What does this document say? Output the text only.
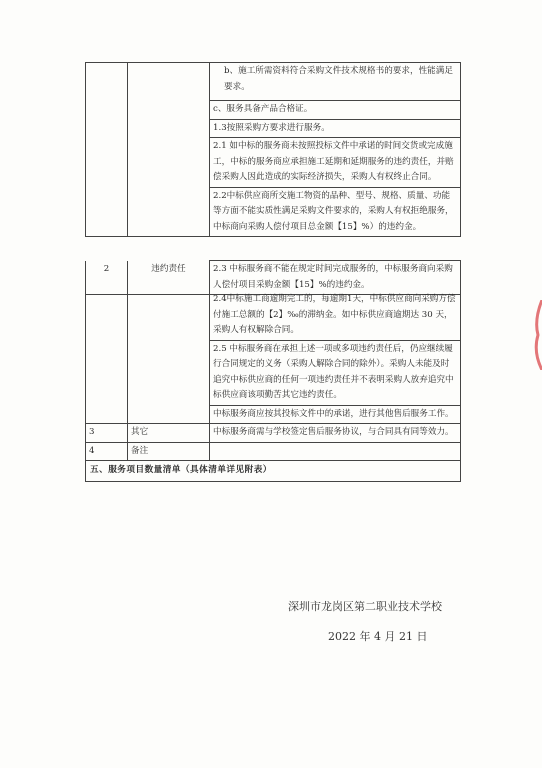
b、施工所需资料符合采购文件技术规格书的要求，性能满足要求。

c、服务具备产品合格证。

1.3按照采购方要求进行服务。

2.1 如中标的服务商未按照投标文件中承诺的时间交货或完成施工，中标的服务商应承担施工延期和延期服务的违约责任，并赔偿采购人因此造成的实际经济损失，采购人有权终止合同。

2.2中标供应商所交施工物资的品种、型号、规格、质量、功能等方面不能实质性满足采购文件要求的，采购人有权拒绝服务，中标商向采购人偿付项目总金额【15】%）的违约金。

2	违约责任	2.3 中标服务商不能在规定时间完成服务的，中标服务商向采购人偿付项目采购金额【15】%的违约金。

		2.4中标施工商逾期完工的，每逾期1天，中标供应商向采购方偿付施工总额的【2】‰的滞纳金。如中标供应商逾期达 30 天，采购人有权解除合同。

		2.5 中标服务商在承担上述一项或多项违约责任后，仍应继续履行合同规定的义务（采购人解除合同的除外）。采购人未能及时追究中标供应商的任何一项违约责任并不表明采购人放弃追究中标供应商该项勤苦其它违约责任。

		中标服务商应按其投标文件中的承诺，进行其他售后服务工作。

3	其它	中标服务商需与学校签定售后服务协议，与合同具有同等效力。

4	备注	
五、服务项目数量清单（具体清单详见附表）		
深圳市龙岗区第二职业技术学校
2022 年 4 月 21 日
